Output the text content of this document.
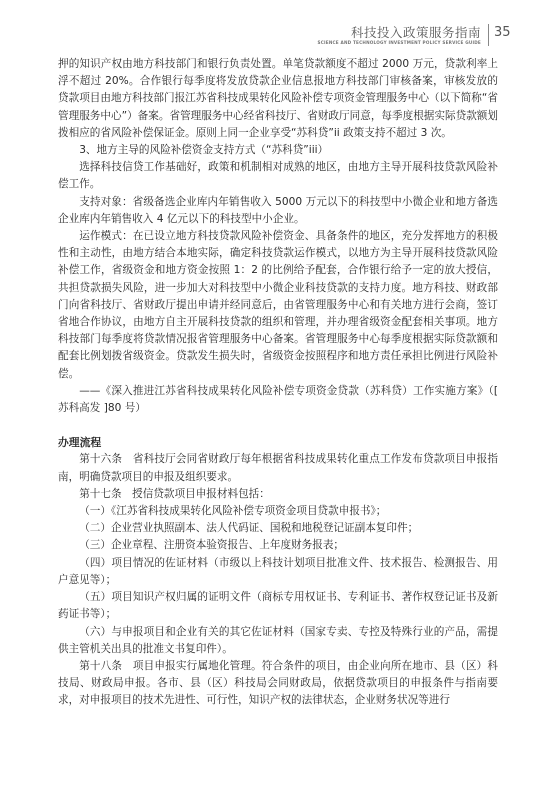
科技投入政策服务指南
SCIENCE AND TECHNOLOGY INVESTMENT POLICY SERVICE GUIDE
35

押的知识产权由地方科技部门和银行负责处置。单笔贷款额度不超过 2000 万元，贷款利率上浮不超过 20%。合作银行每季度将发放贷款企业信息报地方科技部门审核备案，审核发放的贷款项目由地方科技部门报江苏省科技成果转化风险补偿专项资金管理服务中心（以下简称“省管理服务中心”）备案。省管理服务中心经省科技厅、省财政厅同意，每季度根据实际贷款额划拨相应的省风险补偿保证金。原则上同一企业享受“苏科贷”ii 政策支持不超过 3 次。

3、地方主导的风险补偿资金支持方式（“苏科贷”iii）

选择科技信贷工作基础好，政策和机制相对成熟的地区，由地方主导开展科技贷款风险补偿工作。

支持对象：省级备选企业库内年销售收入 5000 万元以下的科技型中小微企业和地方备选企业库内年销售收入 4 亿元以下的科技型中小企业。

运作模式：在已设立地方科技贷款风险补偿资金、具备条件的地区，充分发挥地方的积极性和主动性，由地方结合本地实际，确定科技贷款运作模式，以地方为主导开展科技贷款风险补偿工作，省级资金和地方资金按照 1：2 的比例给予配套，合作银行给予一定的放大授信，共担贷款损失风险，进一步加大对科技型中小微企业科技贷款的支持力度。地方科技、财政部门向省科技厅、省财政厅提出申请并经同意后，由省管理服务中心和有关地方进行会商，签订省地合作协议，由地方自主开展科技贷款的组织和管理，并办理省级资金配套相关事项。地方科技部门每季度将贷款情况报省管理服务中心备案。省管理服务中心每季度根据实际贷款额和配套比例划拨省级资金。贷款发生损失时，省级资金按照程序和地方责任承担比例进行风险补偿。

——《深入推进江苏省科技成果转化风险补偿专项资金贷款（苏科贷）工作实施方案》（[ 苏科高发 ]80 号）

办理流程

第十六条　省科技厅会同省财政厅每年根据省科技成果转化重点工作发布贷款项目申报指南，明确贷款项目的申报及组织要求。

第十七条　授信贷款项目申报材料包括：

（一）《江苏省科技成果转化风险补偿专项资金项目贷款申报书》；

（二）企业营业执照副本、法人代码证、国税和地税登记证副本复印件；

（三）企业章程、注册资本验资报告、上年度财务报表；

（四）项目情况的佐证材料（市级以上科技计划项目批准文件、技术报告、检测报告、用户意见等）；

（五）项目知识产权归属的证明文件（商标专用权证书、专利证书、著作权登记证书及新药证书等）；

（六）与申报项目和企业有关的其它佐证材料（国家专卖、专控及特殊行业的产品，需提供主管机关出具的批准文书复印件）。

第十八条　项目申报实行属地化管理。符合条件的项目，由企业向所在地市、县（区）科技局、财政局申报。各市、县（区）科技局会同财政局，依据贷款项目的申报条件与指南要求，对申报项目的技术先进性、可行性，知识产权的法律状态，企业财务状况等进行
